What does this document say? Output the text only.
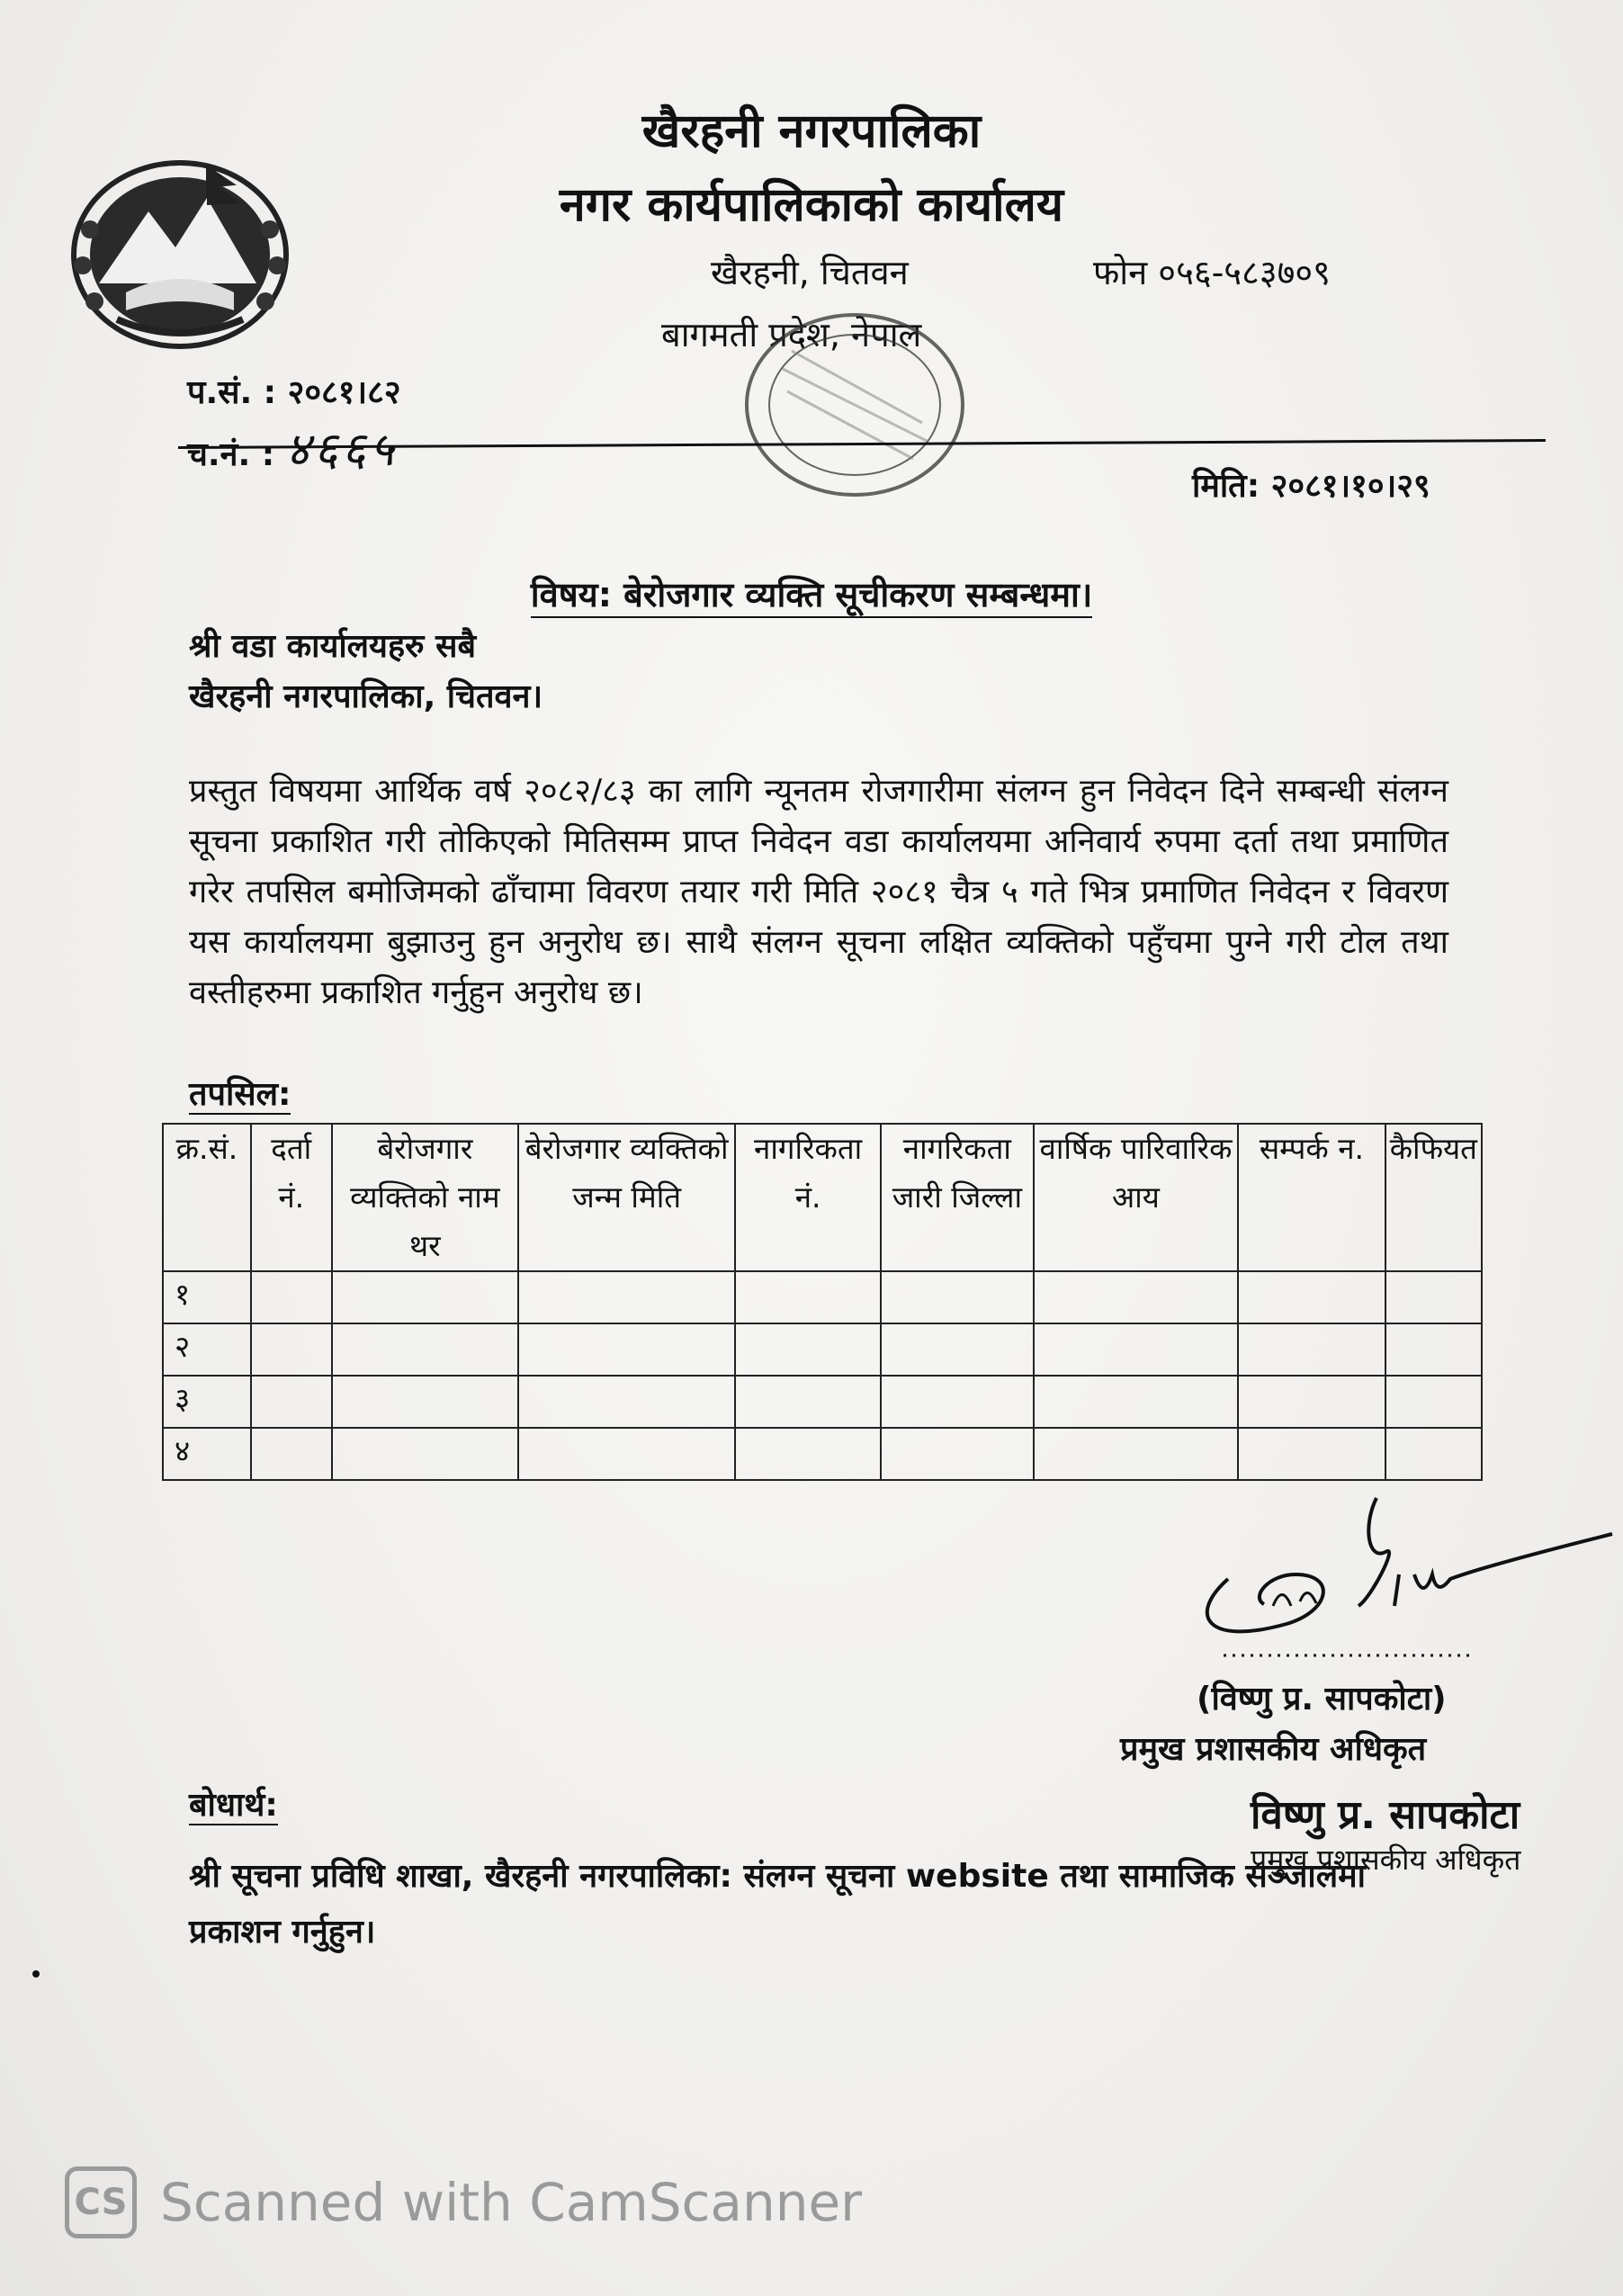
खैरहनी नगरपालिका
नगर कार्यपालिकाको कार्यालय
खैरहनी, चितवन	फोन ०५६-५८३७०९
बागमती प्रदेश, नेपाल
प.सं. : २०८१।८२
च.नं. : ४६६५
मिति: २०८१।१०।२९
विषय: बेरोजगार व्यक्ति सूचीकरण सम्बन्धमा।
श्री वडा कार्यालयहरु सबै
खैरहनी नगरपालिका, चितवन।
प्रस्तुत विषयमा आर्थिक वर्ष २०८२/८३ का लागि न्यूनतम रोजगारीमा संलग्न हुन निवेदन दिने सम्बन्धी संलग्न सूचना प्रकाशित गरी तोकिएको मितिसम्म प्राप्त निवेदन वडा कार्यालयमा अनिवार्य रुपमा दर्ता तथा प्रमाणित गरेर तपसिल बमोजिमको ढाँचामा विवरण तयार गरी मिति २०८१ चैत्र ५ गते भित्र प्रमाणित निवेदन र विवरण यस कार्यालयमा बुझाउनु हुन अनुरोध छ। साथै संलग्न सूचना लक्षित व्यक्तिको पहुँचमा पुग्ने गरी टोल तथा वस्तीहरुमा प्रकाशित गर्नुहुन अनुरोध छ।
तपसिल:
क्र.सं.	दर्ता नं.	बेरोजगार व्यक्तिको नाम थर	बेरोजगार व्यक्तिको जन्म मिति	नागरिकता नं.	नागरिकता जारी जिल्ला	वार्षिक पारिवारिक आय	सम्पर्क न.	कैफियत
१								
२								
३								
४								
(विष्णु प्र. सापकोटा)
प्रमुख प्रशासकीय अधिकृत
विष्णु प्र. सापकोटा
प्रमुख प्रशासकीय अधिकृत
बोधार्थ:
श्री सूचना प्रविधि शाखा, खैरहनी नगरपालिका: संलग्न सूचना website तथा सामाजिक सञ्जालमा प्रकाशन गर्नुहुन।
CS Scanned with CamScanner
